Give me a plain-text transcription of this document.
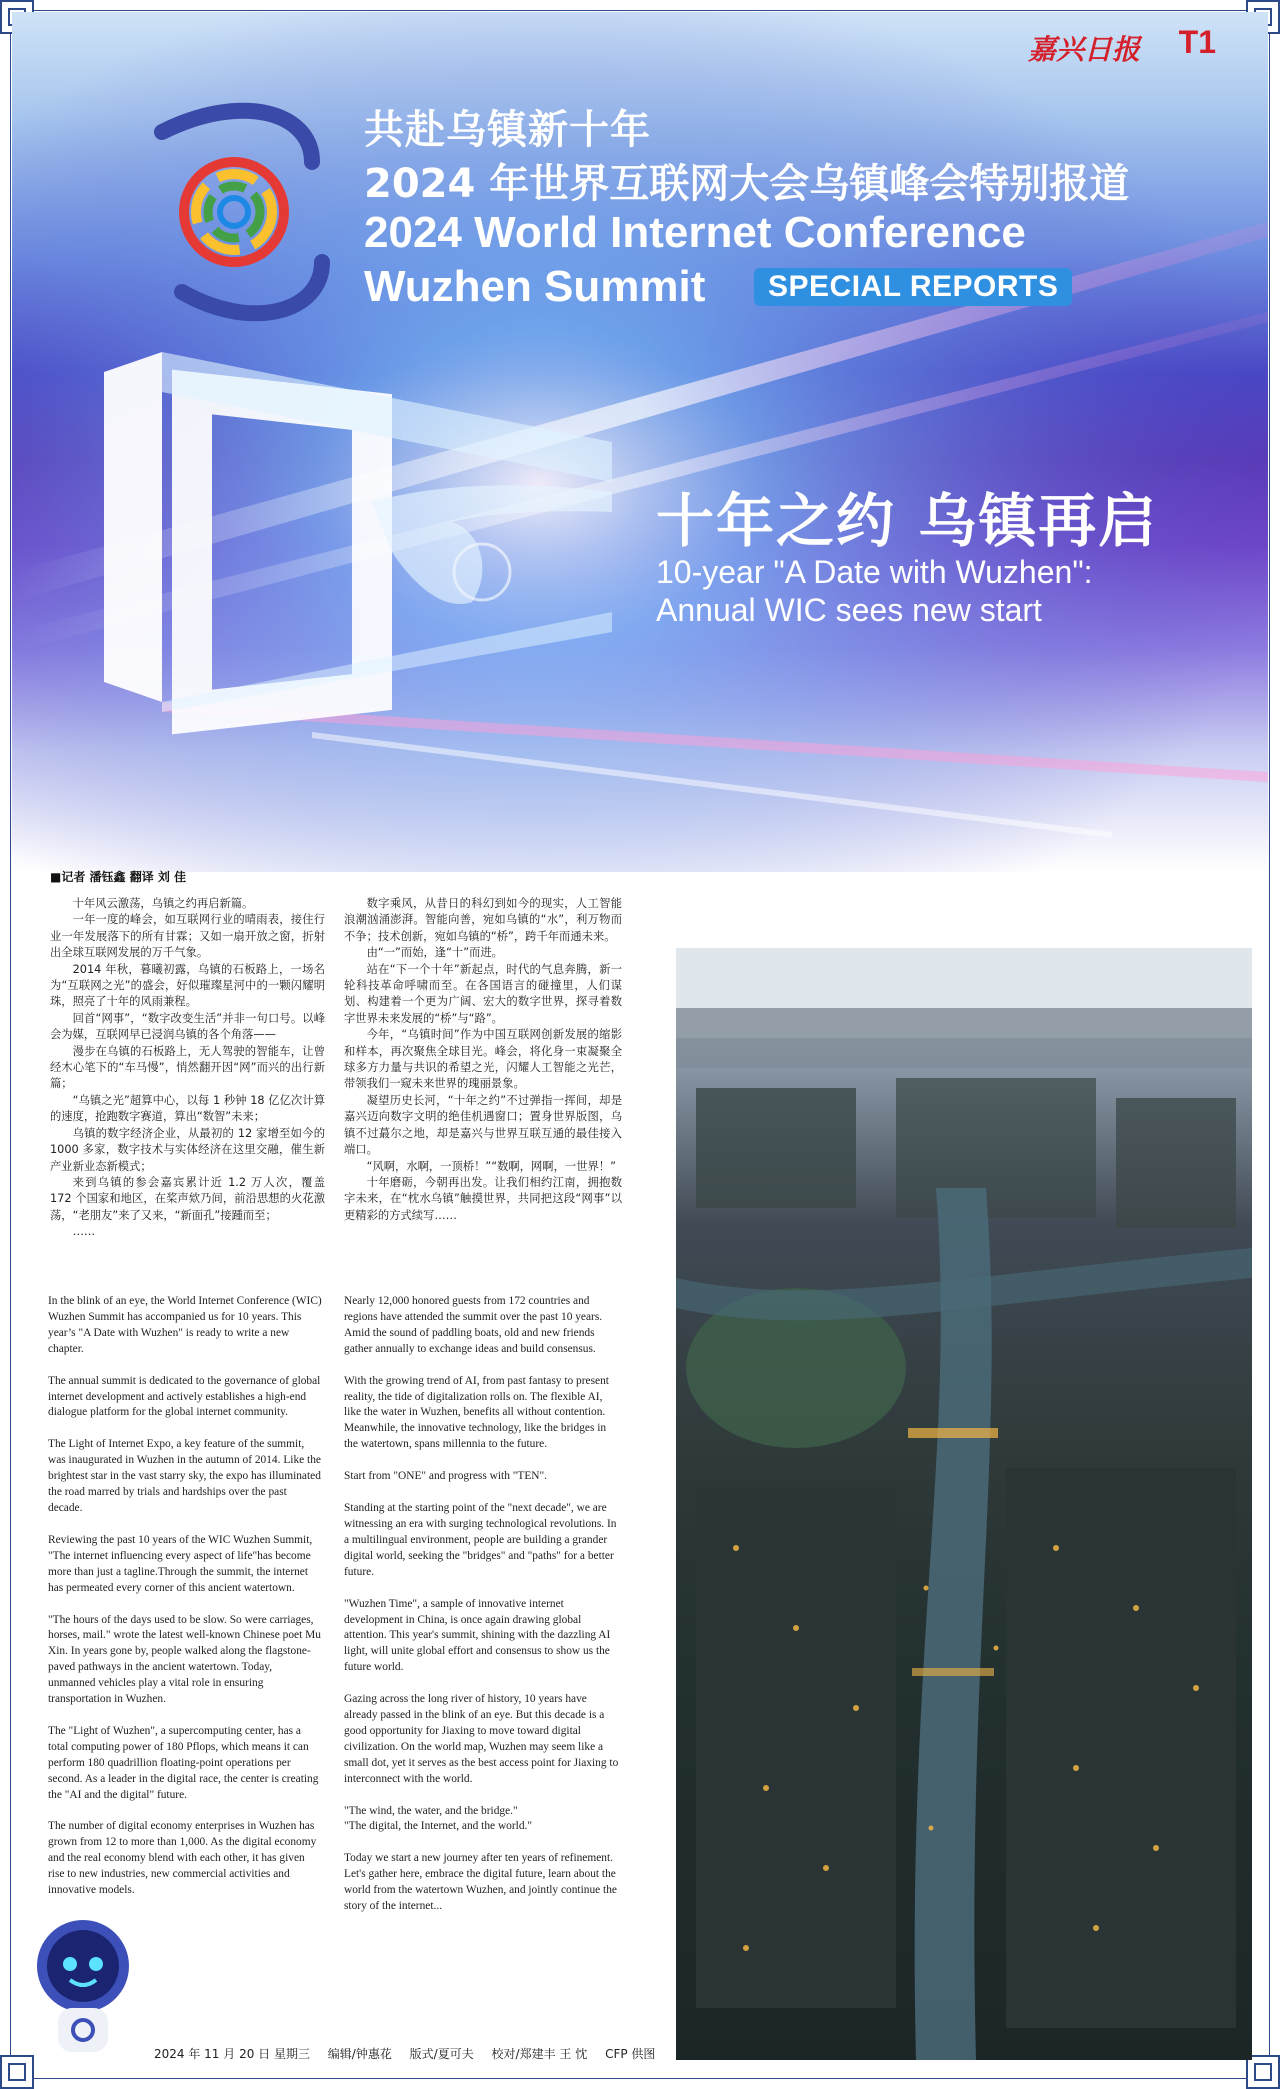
共赴乌镇新十年
2024 年世界互联网大会乌镇峰会特别报道
2024 World Internet Conference
Wuzhen Summit	SPECIAL REPORTS
十年之约 乌镇再启
10-year "A Date with Wuzhen":
Annual WIC sees new start
嘉兴日报 T1
■记者 潘钰鑫 翻译 刘 佳

十年风云激荡，乌镇之约再启新篇。

一年一度的峰会，如互联网行业的晴雨表，接住行业一年发展落下的所有甘霖；又如一扇开放之窗，折射出全球互联网发展的万千气象。

2014 年秋，暮曦初露，乌镇的石板路上，一场名为“互联网之光”的盛会，好似璀璨星河中的一颗闪耀明珠，照亮了十年的风雨兼程。

回首“网事”，“数字改变生活”并非一句口号。以峰会为媒，互联网早已浸润乌镇的各个角落——

漫步在乌镇的石板路上，无人驾驶的智能车，让曾经木心笔下的“车马慢”，悄然翻开因“网”而兴的出行新篇；

“乌镇之光”超算中心，以每 1 秒钟 18 亿亿次计算的速度，抢跑数字赛道，算出“数智”未来；

乌镇的数字经济企业，从最初的 12 家增至如今的 1000 多家，数字技术与实体经济在这里交融，催生新产业新业态新模式；

来到乌镇的参会嘉宾累计近 1.2 万人次，覆盖 172 个国家和地区，在桨声欸乃间，前沿思想的火花激荡，“老朋友”来了又来，“新面孔”接踵而至；

……

数字乘风，从昔日的科幻到如今的现实，人工智能浪潮汹涌澎湃。智能向善，宛如乌镇的“水”，利万物而不争；技术创新，宛如乌镇的“桥”，跨千年而通未来。

由“一”而始，逢“十”而进。

站在“下一个十年”新起点，时代的气息奔腾，新一轮科技革命呼啸而至。在各国语言的碰撞里，人们谋划、构建着一个更为广阔、宏大的数字世界，探寻着数字世界未来发展的“桥”与“路”。

今年，“乌镇时间”作为中国互联网创新发展的缩影和样本，再次聚焦全球目光。峰会，将化身一束凝聚全球多方力量与共识的希望之光，闪耀人工智能之光芒，带领我们一窥未来世界的瑰丽景象。

凝望历史长河，“十年之约”不过弹指一挥间，却是嘉兴迈向数字文明的绝佳机遇窗口；置身世界版图，乌镇不过蕞尔之地，却是嘉兴与世界互联互通的最佳接入端口。

“风啊，水啊，一顶桥！”“数啊，网啊，一世界！”

十年磨砺，今朝再出发。让我们相约江南，拥抱数字未来，在“枕水乌镇”触摸世界，共同把这段“网事”以更精彩的方式续写……

In the blink of an eye, the World Internet Conference (WIC) Wuzhen Summit has accompanied us for 10 years. This year’s "A Date with Wuzhen" is ready to write a new chapter.

The annual summit is dedicated to the governance of global internet development and actively establishes a high-end dialogue platform for the global internet community.

The Light of Internet Expo, a key feature of the summit, was inaugurated in Wuzhen in the autumn of 2014. Like the brightest star in the vast starry sky, the expo has illuminated the road marred by trials and hardships over the past decade.

Reviewing the past 10 years of the WIC Wuzhen Summit, "The internet influencing every aspect of life"has become more than just a tagline.Through the summit, the internet has permeated every corner of this ancient watertown.

"The hours of the days used to be slow. So were carriages, horses, mail." wrote the latest well-known Chinese poet Mu Xin. In years gone by, people walked along the flagstone-paved pathways in the ancient watertown. Today, unmanned vehicles play a vital role in ensuring transportation in Wuzhen.

The "Light of Wuzhen", a supercomputing center, has a total computing power of 180 Pflops, which means it can perform 180 quadrillion floating-point operations per second. As a leader in the digital race, the center is creating the "AI and the digital" future.

The number of digital economy enterprises in Wuzhen has grown from 12 to more than 1,000. As the digital economy and the real economy blend with each other, it has given rise to new industries, new commercial activities and innovative models.

Nearly 12,000 honored guests from 172 countries and regions have attended the summit over the past 10 years. Amid the sound of paddling boats, old and new friends gather annually to exchange ideas and build consensus.

With the growing trend of AI, from past fantasy to present reality, the tide of digitalization rolls on. The flexible AI, like the water in Wuzhen, benefits all without contention. Meanwhile, the innovative technology, like the bridges in the watertown, spans millennia to the future.

Start from "ONE" and progress with "TEN".

Standing at the starting point of the "next decade", we are witnessing an era with surging technological revolutions. In a multilingual environment, people are building a grander digital world, seeking the "bridges" and "paths" for a better future.

"Wuzhen Time", a sample of innovative internet development in China, is once again drawing global attention. This year's summit, shining with the dazzling AI light, will unite global effort and consensus to show us the future world.

Gazing across the long river of history, 10 years have already passed in the blink of an eye. But this decade is a good opportunity for Jiaxing to move toward digital civilization. On the world map, Wuzhen may seem like a small dot, yet it serves as the best access point for Jiaxing to interconnect with the world.

"The wind, the water, and the bridge."
"The digital, the Internet, and the world."

Today we start a new journey after ten years of refinement. Let's gather here, embrace the digital future, learn about the world from the watertown Wuzhen, and jointly continue the story of the internet...

2024 年 11 月 20 日 星期三 编辑/钟惠花 版式/夏可夫 校对/郑建丰 王 忱 CFP 供图
